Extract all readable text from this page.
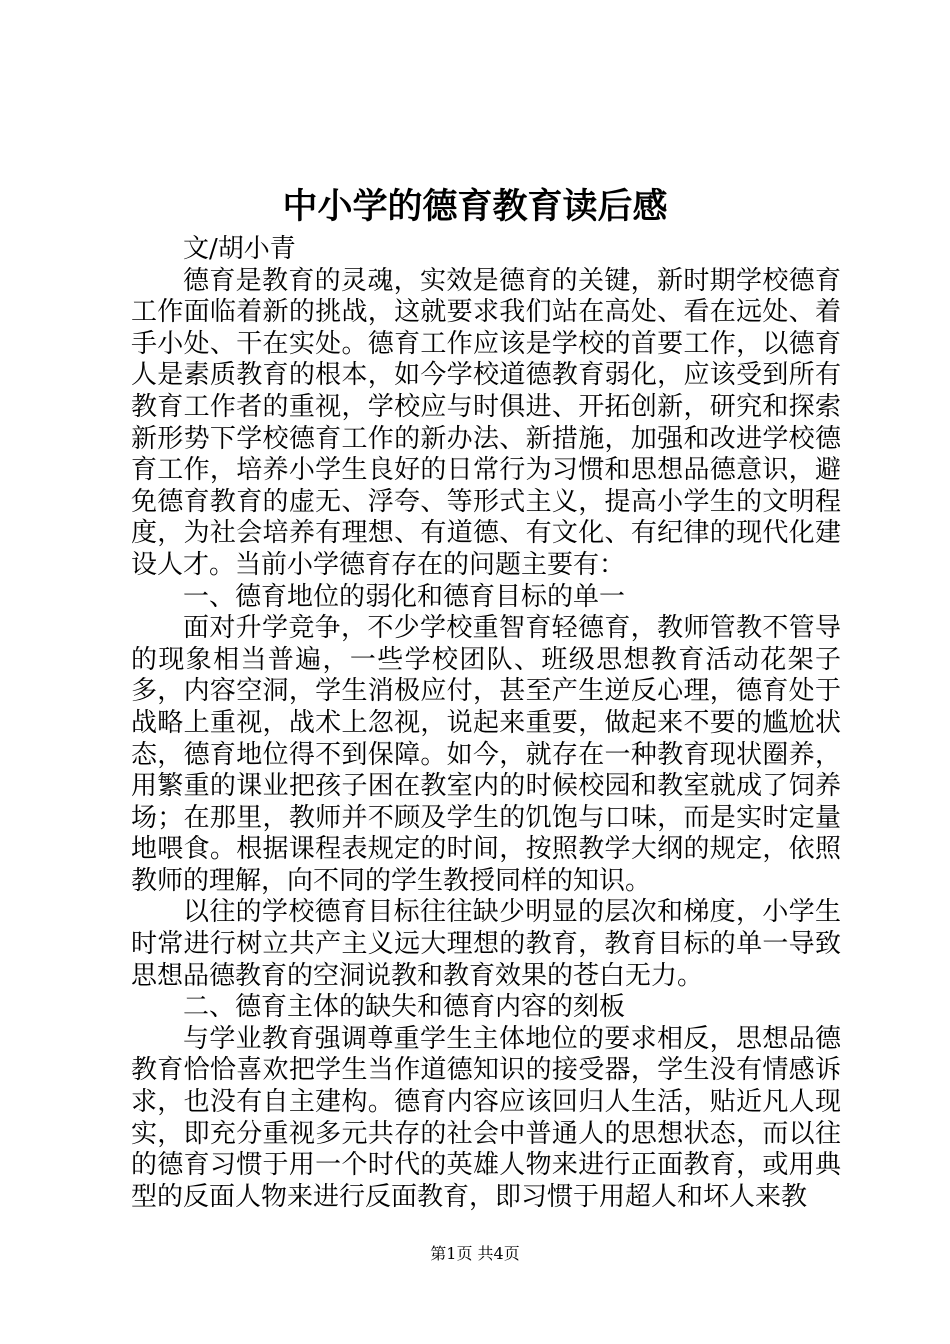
中小学的德育教育读后感

文/胡小青

德育是教育的灵魂，实效是德育的关键，新时期学校德育工作面临着新的挑战，这就要求我们站在高处、看在远处、着手小处、干在实处。德育工作应该是学校的首要工作，以德育人是素质教育的根本，如今学校道德教育弱化，应该受到所有教育工作者的重视，学校应与时俱进、开拓创新，研究和探索新形势下学校德育工作的新办法、新措施，加强和改进学校德育工作，培养小学生良好的日常行为习惯和思想品德意识，避免德育教育的虚无、浮夸、等形式主义，提高小学生的文明程度，为社会培养有理想、有道德、有文化、有纪律的现代化建设人才。当前小学德育存在的问题主要有：

一、德育地位的弱化和德育目标的单一

面对升学竞争，不少学校重智育轻德育，教师管教不管导的现象相当普遍，一些学校团队、班级思想教育活动花架子多，内容空洞，学生消极应付，甚至产生逆反心理，德育处于战略上重视，战术上忽视，说起来重要，做起来不要的尴尬状态，德育地位得不到保障。如今，就存在一种教育现状圈养，用繁重的课业把孩子困在教室内的时候校园和教室就成了饲养场；在那里，教师并不顾及学生的饥饱与口味，而是实时定量地喂食。根据课程表规定的时间，按照教学大纲的规定，依照教师的理解，向不同的学生教授同样的知识。

以往的学校德育目标往往缺少明显的层次和梯度，小学生时常进行树立共产主义远大理想的教育，教育目标的单一导致思想品德教育的空洞说教和教育效果的苍白无力。

二、德育主体的缺失和德育内容的刻板

与学业教育强调尊重学生主体地位的要求相反，思想品德教育恰恰喜欢把学生当作道德知识的接受器，学生没有情感诉求，也没有自主建构。德育内容应该回归人生活，贴近凡人现实，即充分重视多元共存的社会中普通人的思想状态，而以往的德育习惯于用一个时代的英雄人物来进行正面教育，或用典型的反面人物来进行反面教育，即习惯于用超人和坏人来教

第1页 共4页
